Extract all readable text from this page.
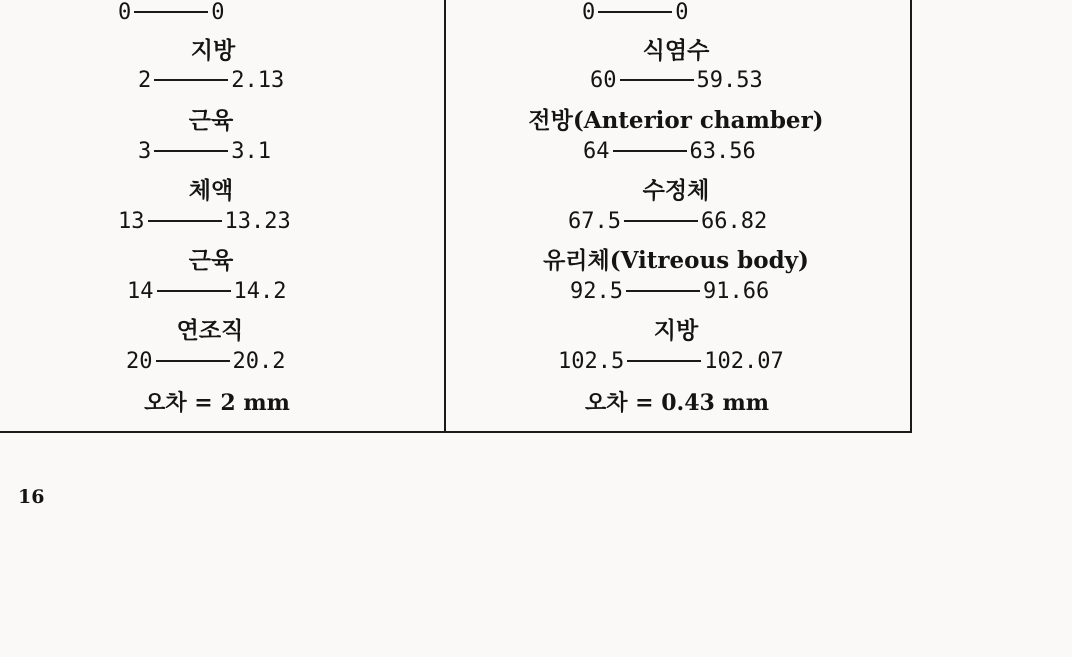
0	0
지방
2	2.13
근육
3	3.1
체액
13	13.23
근육
14	14.2
연조직
20	20.2
오차 = 2 mm
0	0
식염수
60	59.53
전방(Anterior chamber)
64	63.56
수정체
67.5	66.82
유리체(Vitreous body)
92.5	91.66
지방
102.5	102.07
오차 = 0.43 mm
16
